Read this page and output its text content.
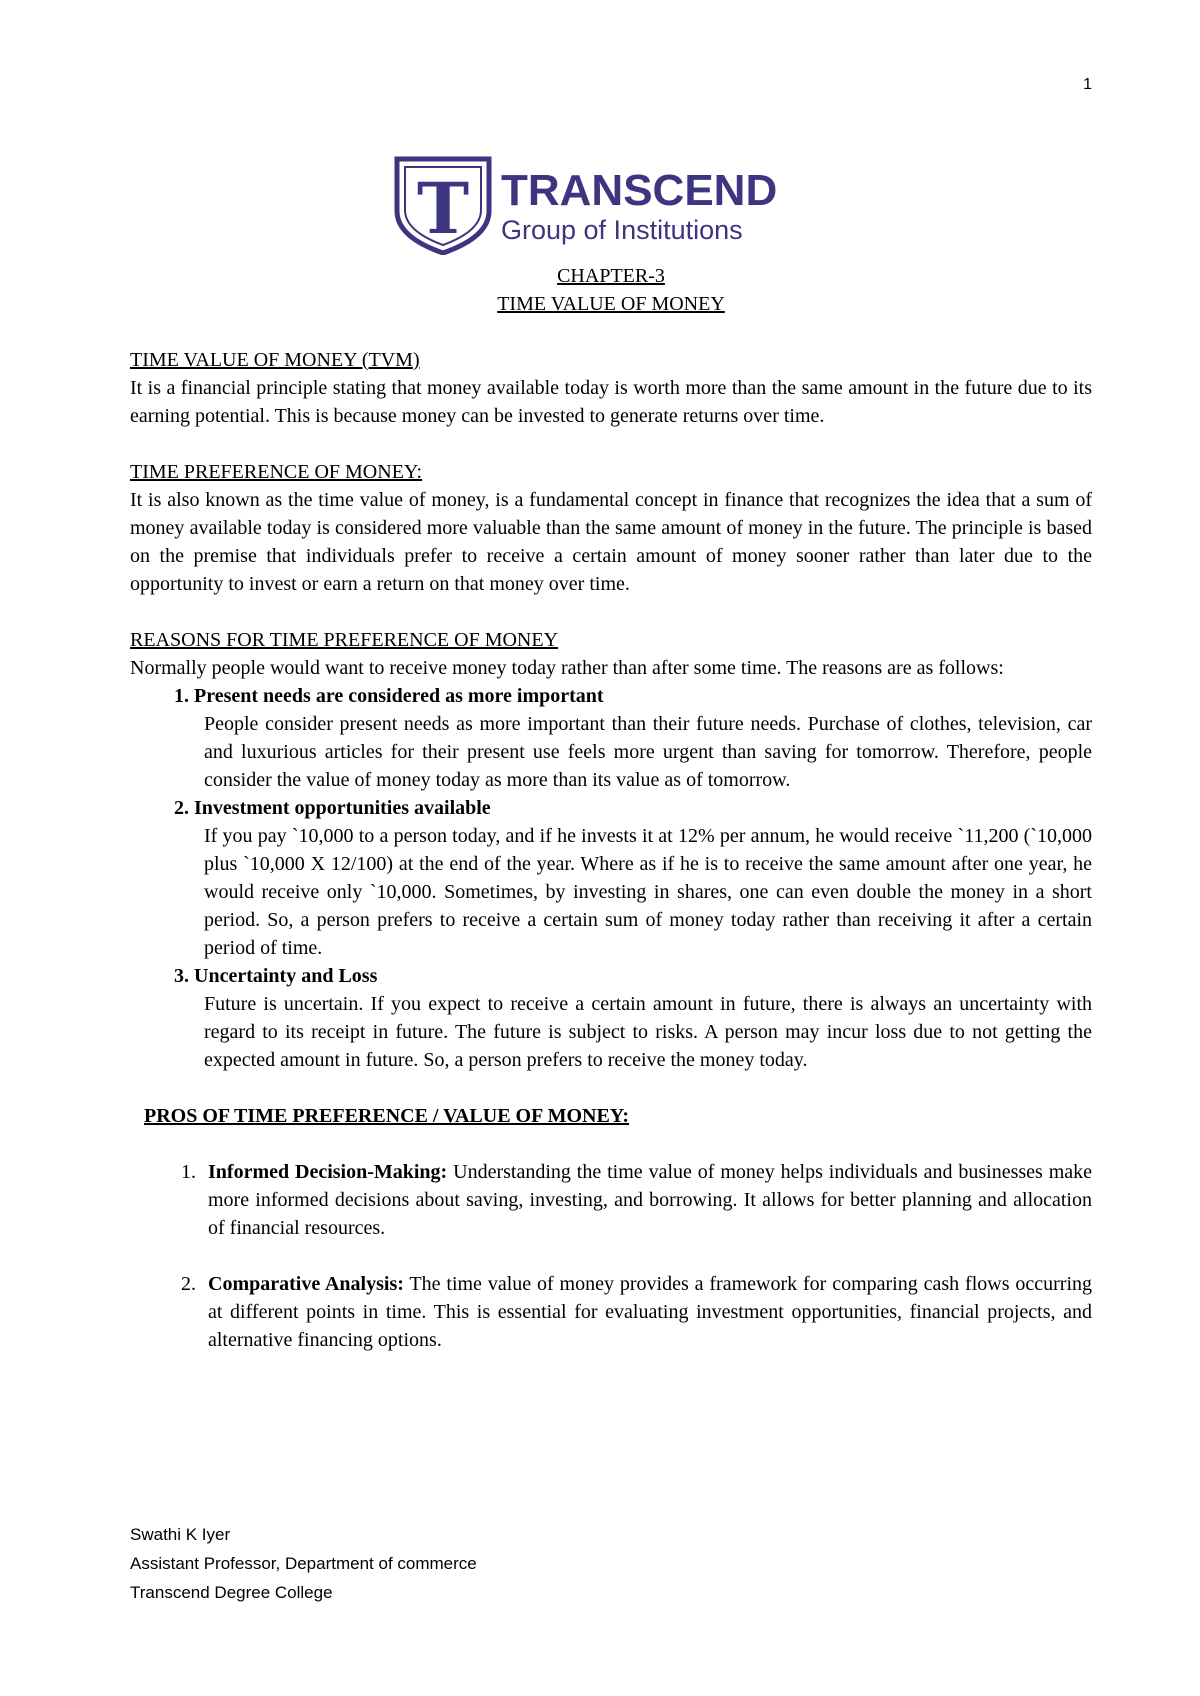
1
T TRANSCEND
Group of Institutions
CHAPTER-3
TIME VALUE OF MONEY
TIME VALUE OF MONEY (TVM)

It is a financial principle stating that money available today is worth more than the same amount in the future due to its earning potential. This is because money can be invested to generate returns over time.

TIME PREFERENCE OF MONEY:

It is also known as the time value of money, is a fundamental concept in finance that recognizes the idea that a sum of money available today is considered more valuable than the same amount of money in the future. The principle is based on the premise that individuals prefer to receive a certain amount of money sooner rather than later due to the opportunity to invest or earn a return on that money over time.

REASONS FOR TIME PREFERENCE OF MONEY

Normally people would want to receive money today rather than after some time. The reasons are as follows:

1. Present needs are considered as more important
People consider present needs as more important than their future needs. Purchase of clothes, television, car and luxurious articles for their present use feels more urgent than saving for tomorrow. Therefore, people consider the value of money today as more than its value as of tomorrow.
2. Investment opportunities available
If you pay `10,000 to a person today, and if he invests it at 12% per annum, he would receive `11,200 (`10,000 plus `10,000 X 12/100) at the end of the year. Where as if he is to receive the same amount after one year, he would receive only `10,000. Sometimes, by investing in shares, one can even double the money in a short period. So, a person prefers to receive a certain sum of money today rather than receiving it after a certain period of time.
3. Uncertainty and Loss
Future is uncertain. If you expect to receive a certain amount in future, there is always an uncertainty with regard to its receipt in future. The future is subject to risks. A person may incur loss due to not getting the expected amount in future. So, a person prefers to receive the money today.
PROS OF TIME PREFERENCE / VALUE OF MONEY:
1. Informed Decision-Making: Understanding the time value of money helps individuals and businesses make more informed decisions about saving, investing, and borrowing. It allows for better planning and allocation of financial resources.
2. Comparative Analysis: The time value of money provides a framework for comparing cash flows occurring at different points in time. This is essential for evaluating investment opportunities, financial projects, and alternative financing options.
Swathi K Iyer
Assistant Professor, Department of commerce
Transcend Degree College
